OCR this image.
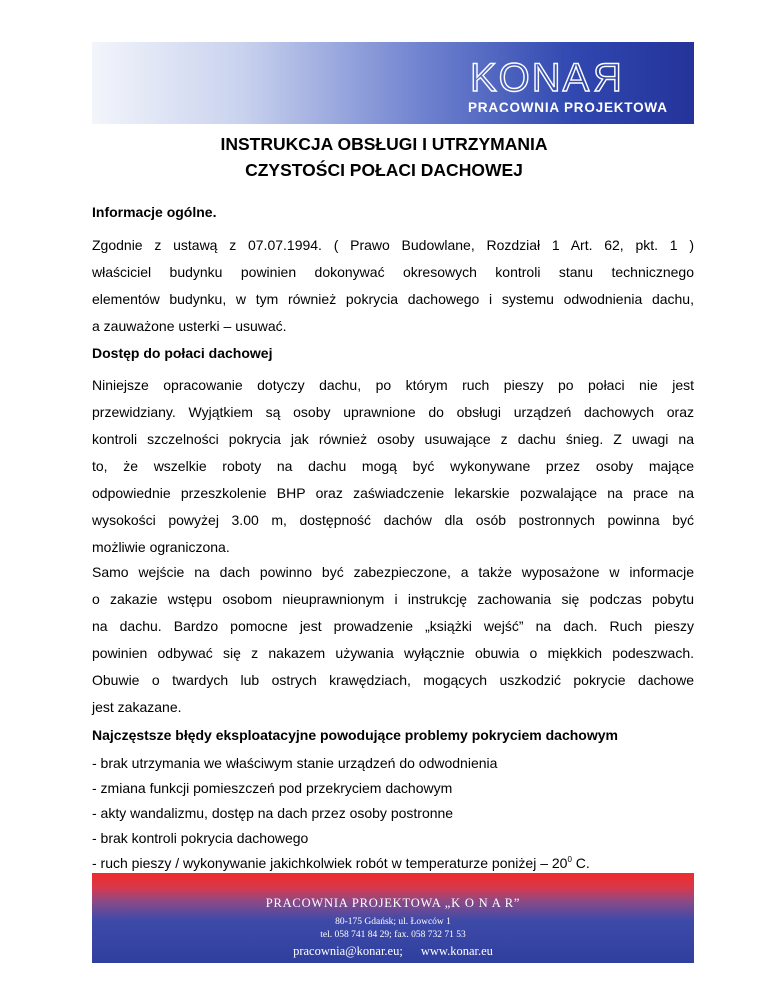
KONAR
PRACOWNIA PROJEKTOWA
INSTRUKCJA OBSŁUGI I UTRZYMANIA
CZYSTOŚCI POŁACI DACHOWEJ
Informacje ogólne.
Zgodnie z ustawą z 07.07.1994. ( Prawo Budowlane, Rozdział 1 Art. 62, pkt. 1 )
właściciel budynku powinien dokonywać okresowych kontroli stanu technicznego
elementów budynku, w tym również pokrycia dachowego i systemu odwodnienia dachu,
a zauważone usterki – usuwać.
Dostęp do połaci dachowej
Niniejsze opracowanie dotyczy dachu, po którym ruch pieszy po połaci nie jest
przewidziany. Wyjątkiem są osoby uprawnione do obsługi urządzeń dachowych oraz
kontroli szczelności pokrycia jak również osoby usuwające z dachu śnieg. Z uwagi na
to, że wszelkie roboty na dachu mogą być wykonywane przez osoby mające
odpowiednie przeszkolenie BHP oraz zaświadczenie lekarskie pozwalające na prace na
wysokości powyżej 3.00 m, dostępność dachów dla osób postronnych powinna być
możliwie ograniczona.
Samo wejście na dach powinno być zabezpieczone, a także wyposażone w informacje
o zakazie wstępu osobom nieuprawnionym i instrukcję zachowania się podczas pobytu
na dachu. Bardzo pomocne jest prowadzenie „książki wejść” na dach. Ruch pieszy
powinien odbywać się z nakazem używania wyłącznie obuwia o miękkich podeszwach.
Obuwie o twardych lub ostrych krawędziach, mogących uszkodzić pokrycie dachowe
jest zakazane.
Najczęstsze błędy eksploatacyjne powodujące problemy pokryciem dachowym
- brak utrzymania we właściwym stanie urządzeń do odwodnienia
- zmiana funkcji pomieszczeń pod przekryciem dachowym
- akty wandalizmu, dostęp na dach przez osoby postronne
- brak kontroli pokrycia dachowego
- ruch pieszy / wykonywanie jakichkolwiek robót w temperaturze poniżej – $20^0$ C.
PRACOWNIA PROJEKTOWA „K O N A R”
80-175 Gdańsk; ul. Łowców 1
tel. 058 741 84 29; fax. 058 732 71 53
pracownia@konar.eu; www.konar.eu
